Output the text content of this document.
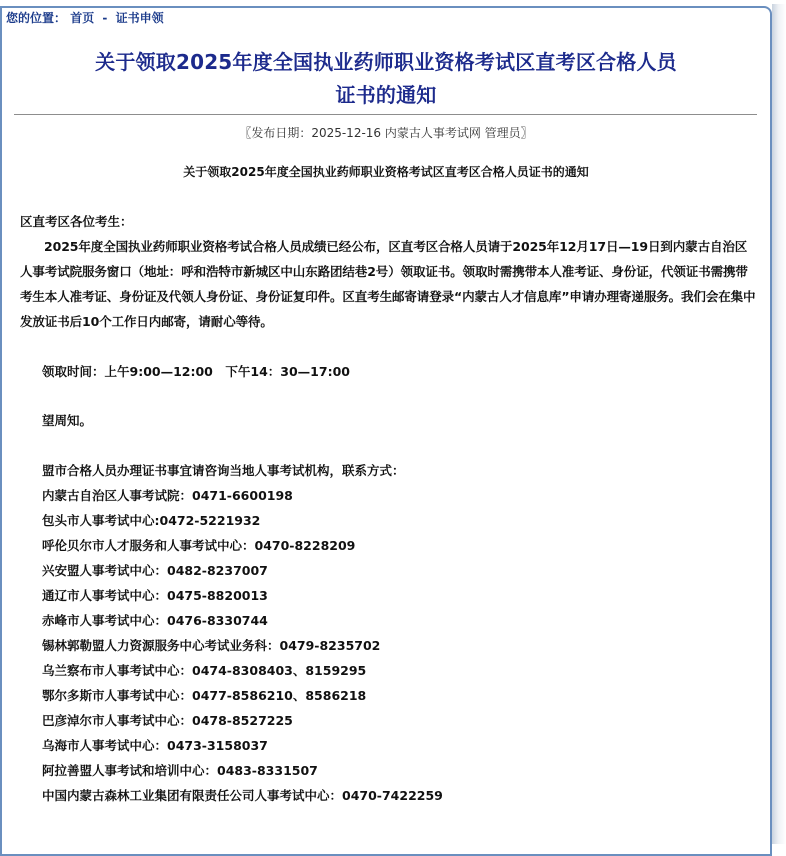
您的位置： 首页 - 证书申领
关于领取2025年度全国执业药师职业资格考试区直考区合格人员
证书的通知
〖发布日期：2025-12-16 内蒙古人事考试网 管理员〗
关于领取2025年度全国执业药师职业资格考试区直考区合格人员证书的通知
区直考区各位考生：
2025年度全国执业药师职业资格考试合格人员成绩已经公布，区直考区合格人员请于2025年12月17日—19日到内蒙古自治区人事考试院服务窗口（地址：呼和浩特市新城区中山东路团结巷2号）领取证书。领取时需携带本人准考证、身份证，代领证书需携带考生本人准考证、身份证及代领人身份证、身份证复印件。区直考生邮寄请登录“内蒙古人才信息库”申请办理寄递服务。我们会在集中发放证书后10个工作日内邮寄，请耐心等待。
领取时间：上午9:00—12:00　下午14：30—17:00
望周知。
盟市合格人员办理证书事宜请咨询当地人事考试机构，联系方式：
内蒙古自治区人事考试院：0471-6600198
包头市人事考试中心:0472-5221932
呼伦贝尔市人才服务和人事考试中心：0470-8228209
兴安盟人事考试中心：0482-8237007
通辽市人事考试中心：0475-8820013
赤峰市人事考试中心：0476-8330744
锡林郭勒盟人力资源服务中心考试业务科：0479-8235702
乌兰察布市人事考试中心：0474-8308403、8159295
鄂尔多斯市人事考试中心：0477-8586210、8586218
巴彦淖尔市人事考试中心：0478-8527225
乌海市人事考试中心：0473-3158037
阿拉善盟人事考试和培训中心：0483-8331507
中国内蒙古森林工业集团有限责任公司人事考试中心：0470-7422259
